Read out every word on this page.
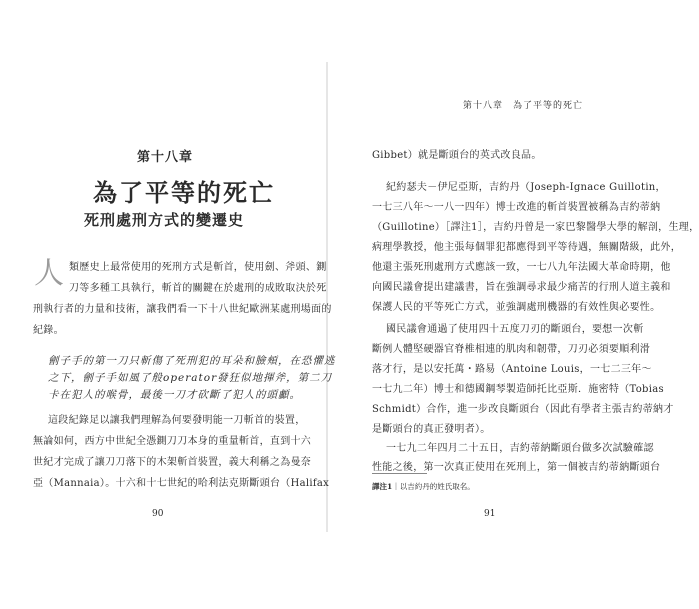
第十八章
為了平等的死亡
死刑處刑方式的變遷史
人 類歷史上最常使用的死刑方式是斬首，使用劍、斧頭、鍘
刀等多種工具執行，斬首的關鍵在於處刑的成敗取決於死
刑執行者的力量和技術，讓我們看一下十八世紀歐洲某處刑場面的
紀錄。
劊子手的第一刀只斬傷了死刑犯的耳朵和臉頰，在恐懼逃
之下，劊子手如風了般operator發狂似地揮斧，第二刀
卡在犯人的喉骨，最後一刀才砍斷了犯人的頭顱。
這段紀錄足以讓我們理解為何要發明能一刀斬首的裝置，
無論如何，西方中世紀全憑鍘刀刀本身的重量斬首，直到十六
世紀才完成了讓刀刀落下的木架斬首裝置，義大利稱之為曼奈
亞（Mannaia）。十六和十七世紀的哈利法克斯斷頭台（Halifax
90
第十八章　為了平等的死亡
Gibbet）就是斷頭台的英式改良品。
紀約瑟夫－伊尼亞斯，吉約丹（Joseph-Ignace Guillotin，
一七三八年～一八一四年）博士改進的斬首裝置被稱為吉約蒂納
（Guillotine）［譯注1］，吉約丹曾是一家巴黎醫學大學的解剖，生理，
病理學教授，他主張每個罪犯都應得到平等待遇，無關階級，此外，
他還主張死刑處刑方式應該一致，一七八九年法國大革命時期，他
向國民議會提出建議書，旨在強調尋求最少痛苦的行刑人道主義和
保護人民的平等死亡方式，並強調處刑機器的有效性與必要性。
國民議會通過了使用四十五度刀刃的斷頭台，要想一次斬
斷例人體堅硬器官脊椎相連的肌肉和韌帶，刀刃必須要順利滑
落才行，是以安托萬・路易（Antoine Louis，一七二三年～
一七九二年）博士和德國鋼琴製造師托比亞斯．施密特（Tobias
Schmidt）合作，進一步改良斷頭台（因此有學者主張吉約蒂納才
是斷頭台的真正發明者）。
一七九二年四月二十五日，吉約蒂納斷頭台做多次試驗確認
性能之後，第一次真正使用在死刑上，第一個被吉約蒂納斷頭台
譯注1｜以吉約丹的姓氏取名。
91
